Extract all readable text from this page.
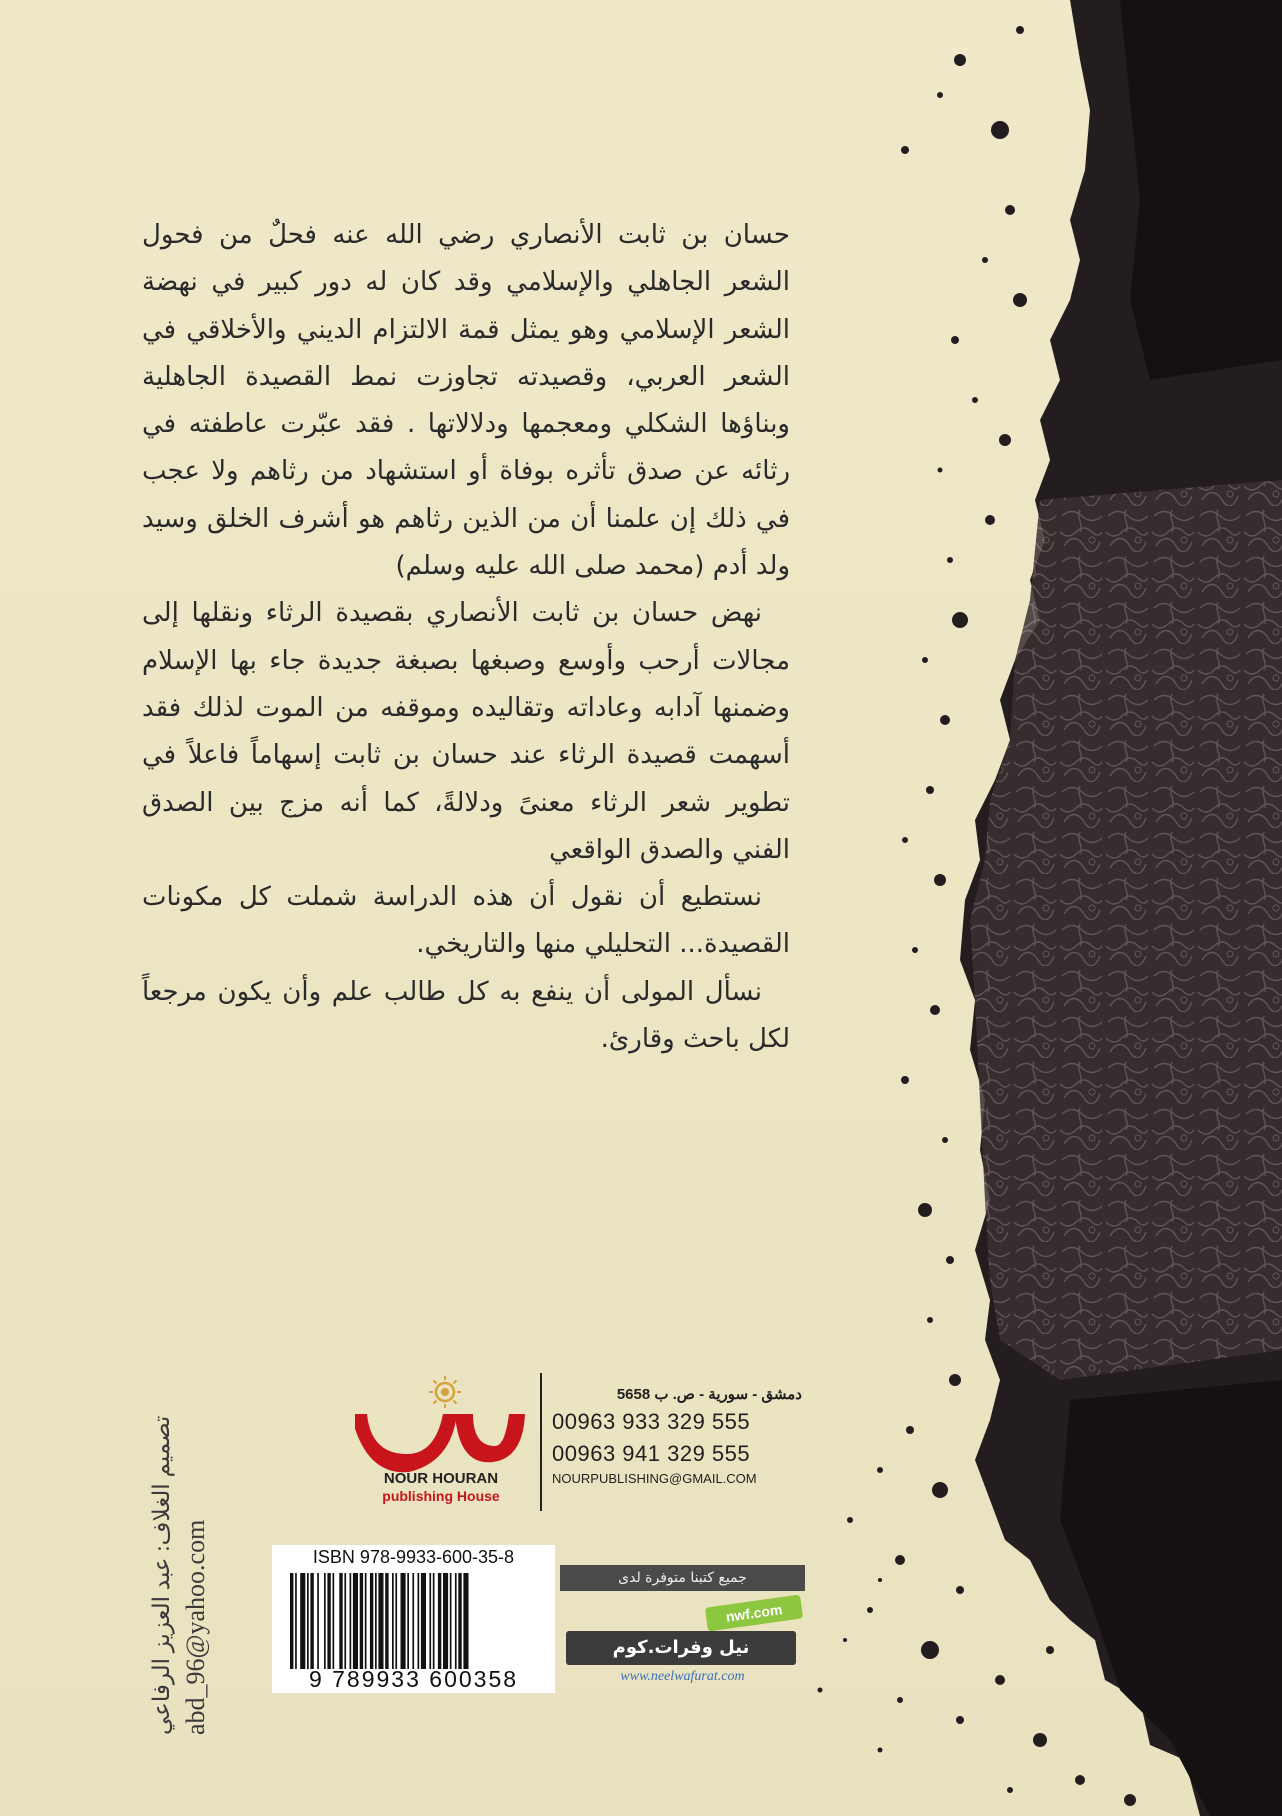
حسان بن ثابت الأنصاري رضي الله عنه فحلٌ من فحول الشعر الجاهلي والإسلامي وقد كان له دور كبير في نهضة الشعر الإسلامي وهو يمثل قمة الالتزام الديني والأخلاقي في الشعر العربي، وقصيدته تجاوزت نمط القصيدة الجاهلية وبناؤها الشكلي ومعجمها ودلالاتها . فقد عبّرت عاطفته في رثائه عن صدق تأثره بوفاة أو استشهاد من رثاهم ولا عجب في ذلك إن علمنا أن من الذين رثاهم هو أشرف الخلق وسيد ولد أدم (محمد صلى الله عليه وسلم)

نهض حسان بن ثابت الأنصاري بقصيدة الرثاء ونقلها إلى مجالات أرحب وأوسع وصبغها بصبغة جديدة جاء بها الإسلام وضمنها آدابه وعاداته وتقاليده وموقفه من الموت لذلك فقد أسهمت قصيدة الرثاء عند حسان بن ثابت إسهاماً فاعلاً في تطوير شعر الرثاء معنىً ودلالةً، كما أنه مزج بين الصدق الفني والصدق الواقعي

نستطيع أن نقول أن هذه الدراسة شملت كل مكونات القصيدة... التحليلي منها والتاريخي.

نسأل المولى أن ينفع به كل طالب علم وأن يكون مرجعاً لكل باحث وقارئ.

تصميم الغلاف: عبد العزيز الرفاعي abd_96@yahoo.com
NOUR HOURAN
publishing House
دمشق - سورية - ص. ب 5658
00963 933 329 555
00963 941 329 555
NOURPUBLISHING@GMAIL.COM
ISBN 978-9933-600-35-8
9 789933 600358
جميع كتبنا متوفرة لدى
nwf.com
نيل وفرات.كوم
www.neelwafurat.com
